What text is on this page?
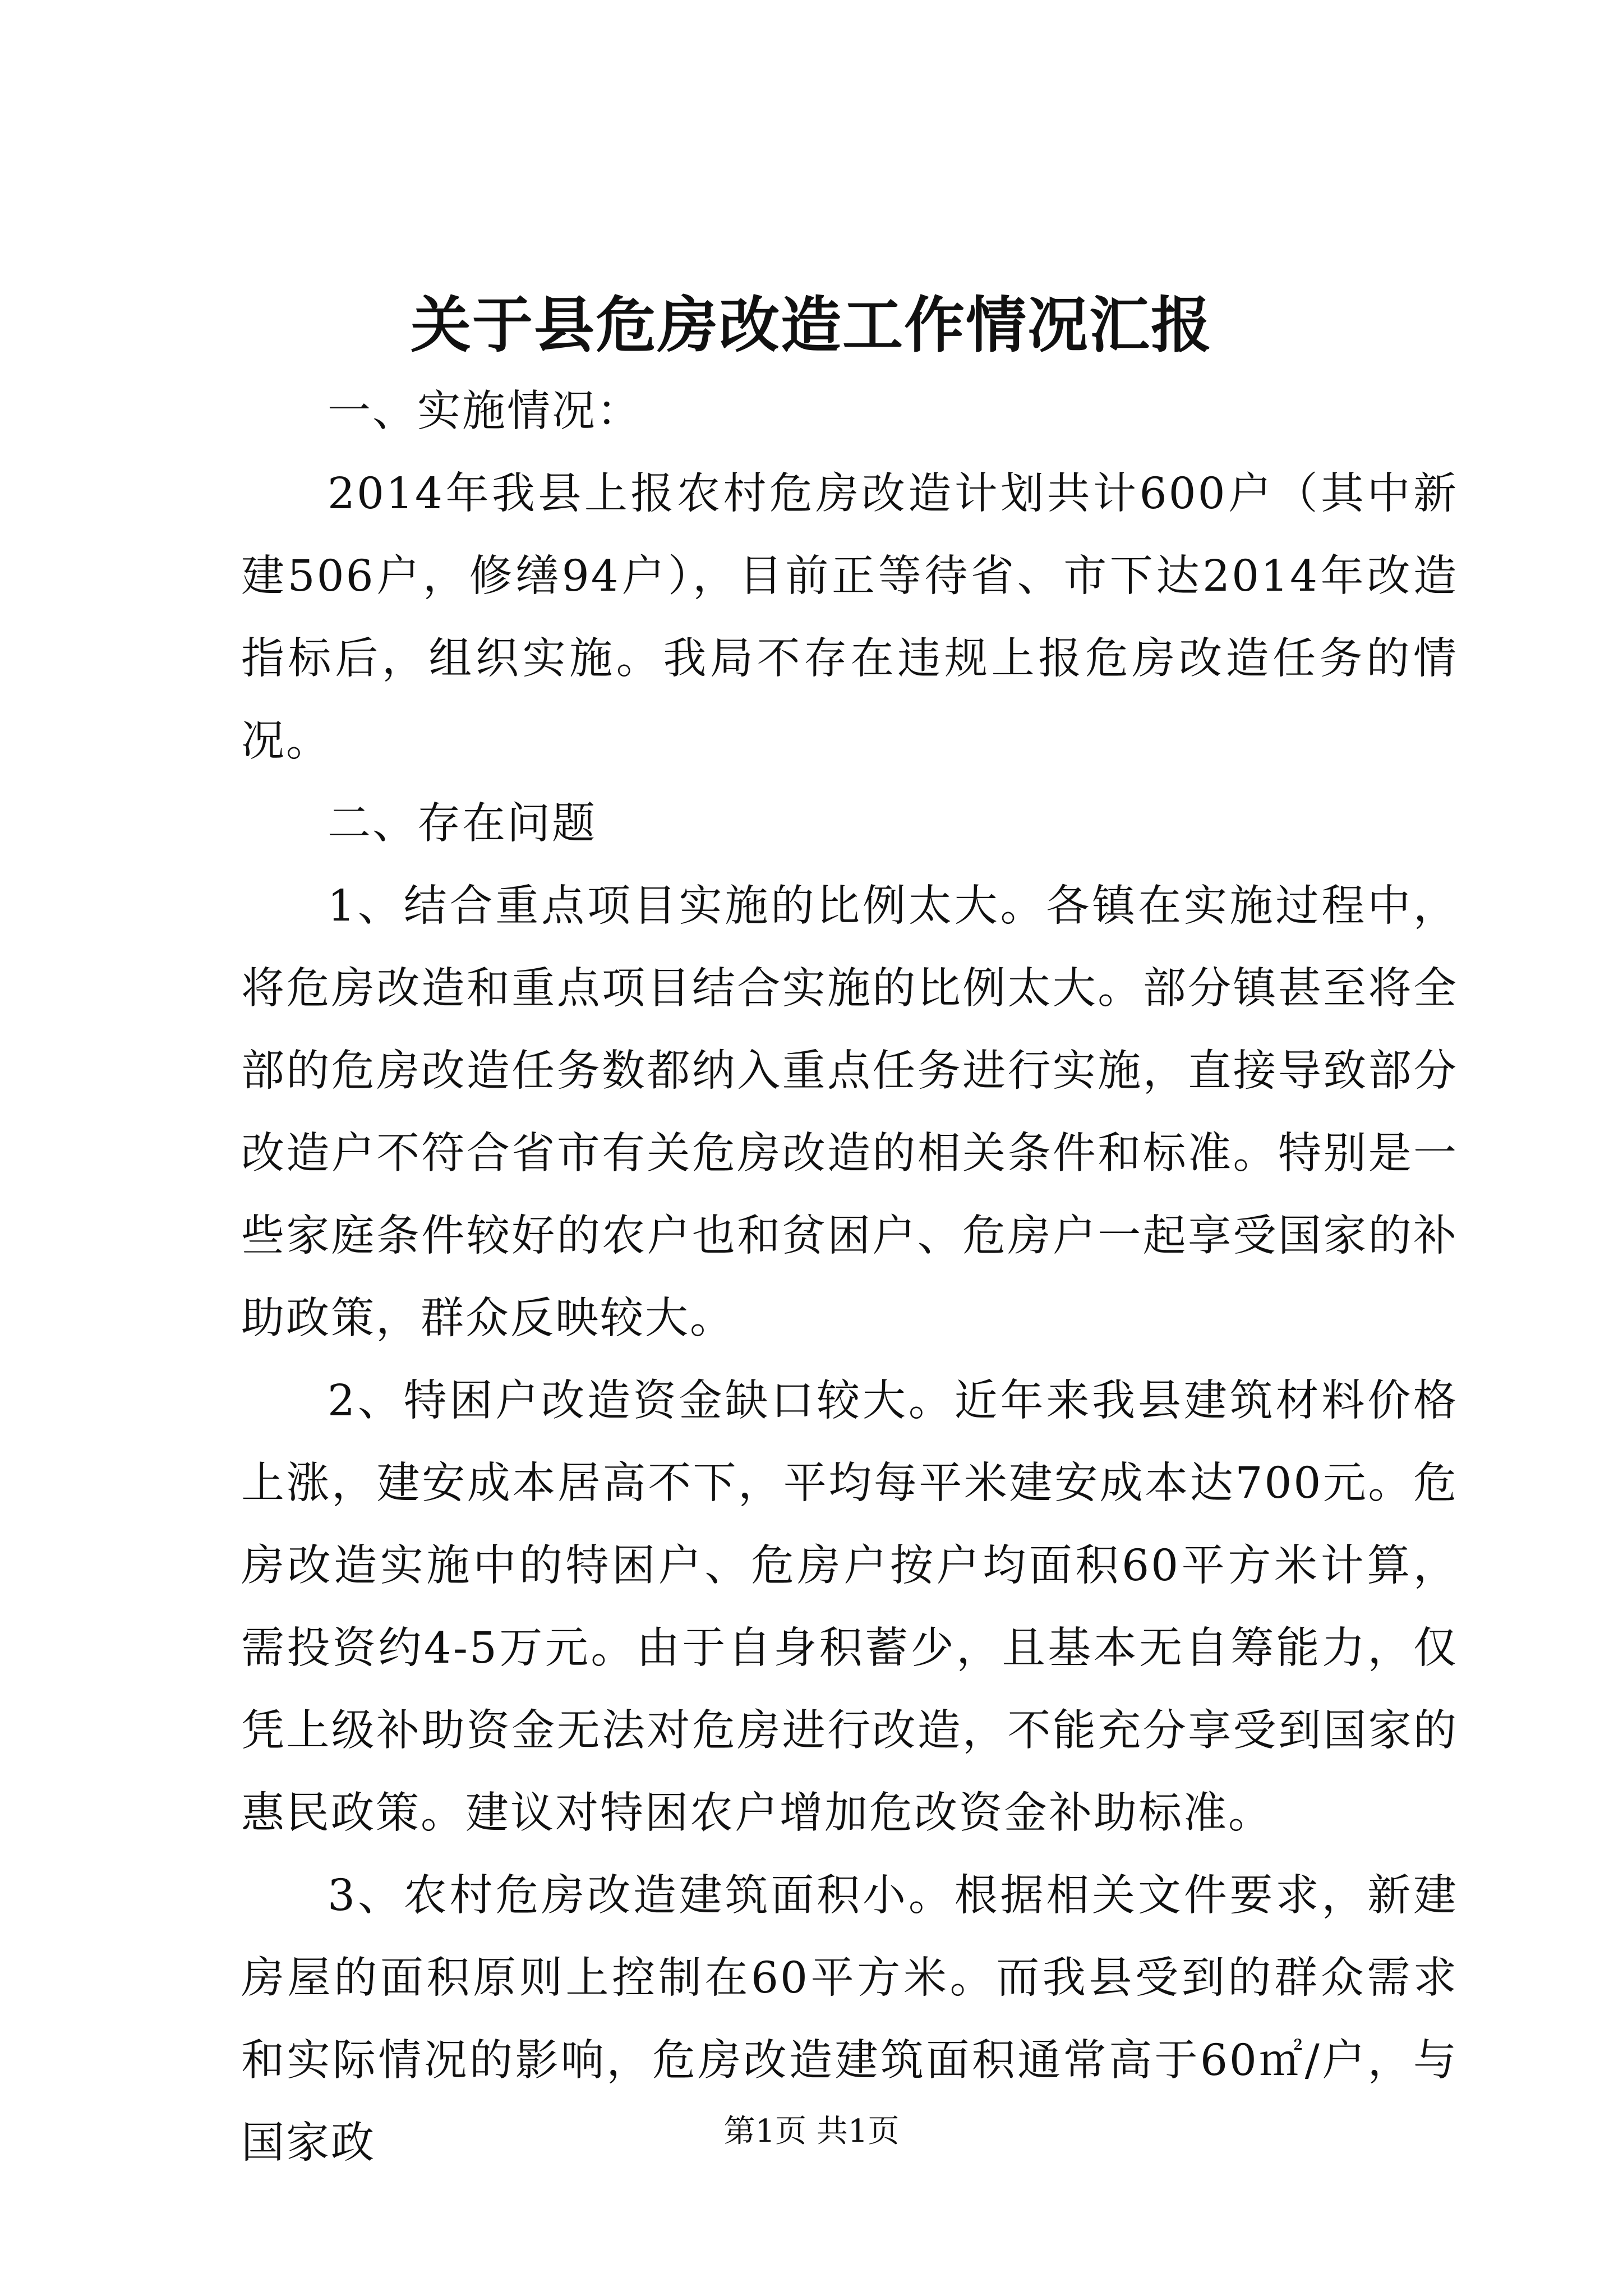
关于县危房改造工作情况汇报

一、实施情况：

2014年我县上报农村危房改造计划共计600户（其中新建506户，修缮94户），目前正等待省、市下达2014年改造指标后，组织实施。我局不存在违规上报危房改造任务的情况。

二、存在问题

1、结合重点项目实施的比例太大。各镇在实施过程中，将危房改造和重点项目结合实施的比例太大。部分镇甚至将全部的危房改造任务数都纳入重点任务进行实施，直接导致部分改造户不符合省市有关危房改造的相关条件和标准。特别是一些家庭条件较好的农户也和贫困户、危房户一起享受国家的补助政策，群众反映较大。

2、特困户改造资金缺口较大。近年来我县建筑材料价格上涨，建安成本居高不下，平均每平米建安成本达700元。危房改造实施中的特困户、危房户按户均面积60平方米计算，需投资约4-5万元。由于自身积蓄少，且基本无自筹能力，仅凭上级补助资金无法对危房进行改造，不能充分享受到国家的惠民政策。建议对特困农户增加危改资金补助标准。

3、农村危房改造建筑面积小。根据相关文件要求，新建房屋的面积原则上控制在60平方米。而我县受到的群众需求和实际情况的影响，危房改造建筑面积通常高于60㎡/户，与国家政	第1页 共1页
